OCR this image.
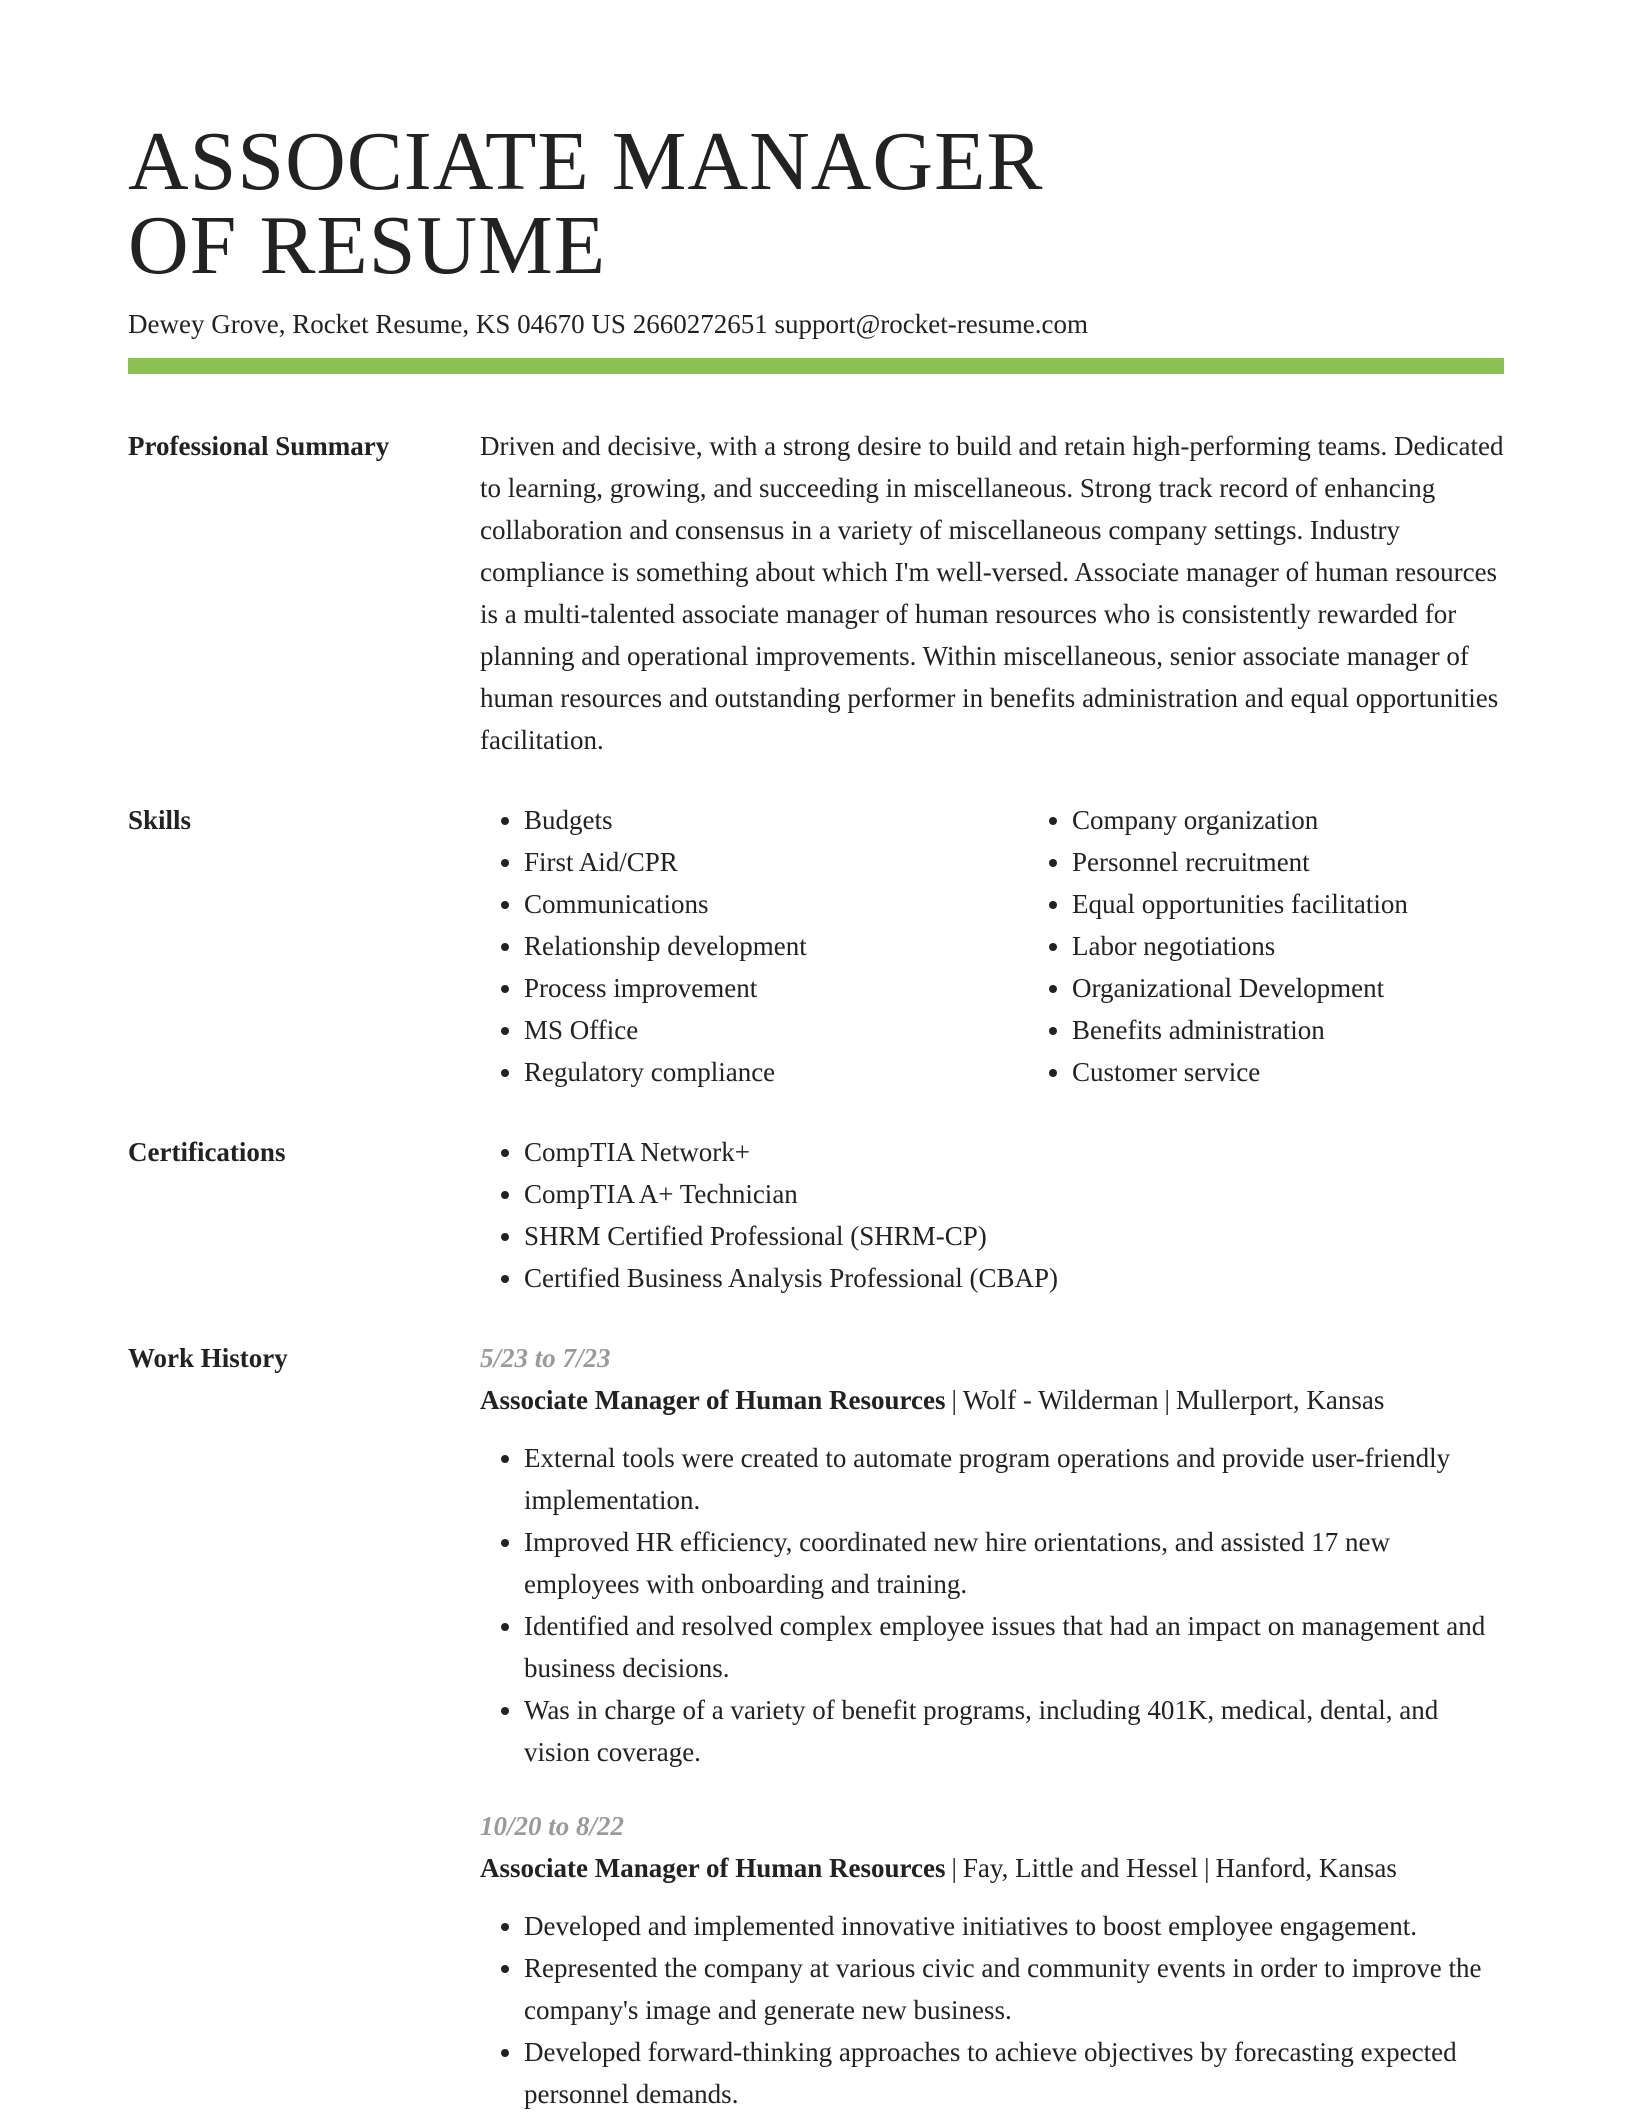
ASSOCIATE MANAGER
OF RESUME
Dewey Grove, Rocket Resume, KS 04670 US 2660272651 support@rocket-resume.com
Professional Summary	Driven and decisive, with a strong desire to build and retain high-performing teams. Dedicated to learning, growing, and succeeding in miscellaneous. Strong track record of enhancing collaboration and consensus in a variety of miscellaneous company settings. Industry compliance is something about which I'm well-versed. Associate manager of human resources is a multi-talented associate manager of human resources who is consistently rewarded for planning and operational improvements. Within miscellaneous, senior associate manager of human resources and outstanding performer in benefits administration and equal opportunities facilitation.

Skills	• Budgets
• First Aid/CPR
• Communications
• Relationship development
• Process improvement
• MS Office
• Regulatory compliance
• Company organization
• Personnel recruitment
• Equal opportunities facilitation
• Labor negotiations
• Organizational Development
• Benefits administration
• Customer service
Certifications	• CompTIA Network+
• CompTIA A+ Technician
• SHRM Certified Professional (SHRM-CP)
• Certified Business Analysis Professional (CBAP)
Work History	5/23 to 7/23
Associate Manager of Human Resources | Wolf - Wilderman | Mullerport, Kansas
• External tools were created to automate program operations and provide user-friendly implementation.
• Improved HR efficiency, coordinated new hire orientations, and assisted 17 new employees with onboarding and training.
• Identified and resolved complex employee issues that had an impact on management and business decisions.
• Was in charge of a variety of benefit programs, including 401K, medical, dental, and vision coverage.
10/20 to 8/22
Associate Manager of Human Resources | Fay, Little and Hessel | Hanford, Kansas
• Developed and implemented innovative initiatives to boost employee engagement.
• Represented the company at various civic and community events in order to improve the company's image and generate new business.
• Developed forward-thinking approaches to achieve objectives by forecasting expected personnel demands.
